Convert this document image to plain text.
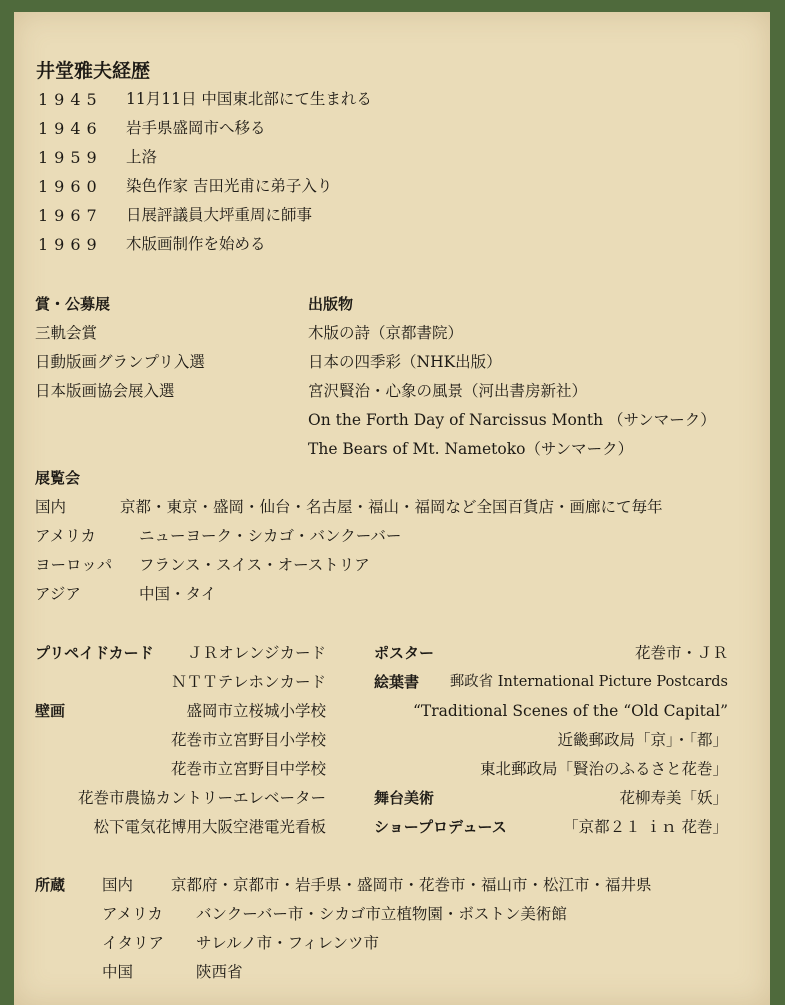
井堂雅夫経歴
1945 11月11日 中国東北部にて生まれる
1946 岩手県盛岡市へ移る
1959 上洛
1960 染色作家 吉田光甫に弟子入り
1967 日展評議員大坪重周に師事
1969 木版画制作を始める
賞・公募展
三軌会賞
日動版画グランプリ入選
日本版画協会展入選
出版物
木版の詩（京都書院）
日本の四季彩（NHK出版）
宮沢賢治・心象の風景（河出書房新社）
On the Forth Day of Narcissus Month （サンマーク）
The Bears of Mt. Nametoko（サンマーク）
展覧会
国内	京都・東京・盛岡・仙台・名古屋・福山・福岡など全国百貨店・画廊にて毎年
アメリカ	ニューヨーク・シカゴ・バンクーバー
ヨーロッパ フランス・スイス・オーストリア
アジア	中国・タイ
プリペイドカード ＪＲオレンジカード
ＮＴＴテレホンカード
壁画	盛岡市立桜城小学校
花巻市立宮野目小学校
花巻市立宮野目中学校
花巻市農協カントリーエレベーター
松下電気花博用大阪空港電光看板
ポスター	花巻市・ＪＲ
絵葉書 郵政省 International Picture Postcards
“Traditional Scenes of the “Old Capital”
近畿郵政局「京」・「都」
東北郵政局「賢治のふるさと花巻」
舞台美術	花柳寿美「妖」
ショープロデュース	「京都２１ ｉｎ 花巻」
所蔵 国内 京都府・京都市・岩手県・盛岡市・花巻市・福山市・松江市・福井県
アメリカ バンクーバー市・シカゴ市立植物園・ボストン美術館
イタリア サレルノ市・フィレンツ市
中国	陝西省
